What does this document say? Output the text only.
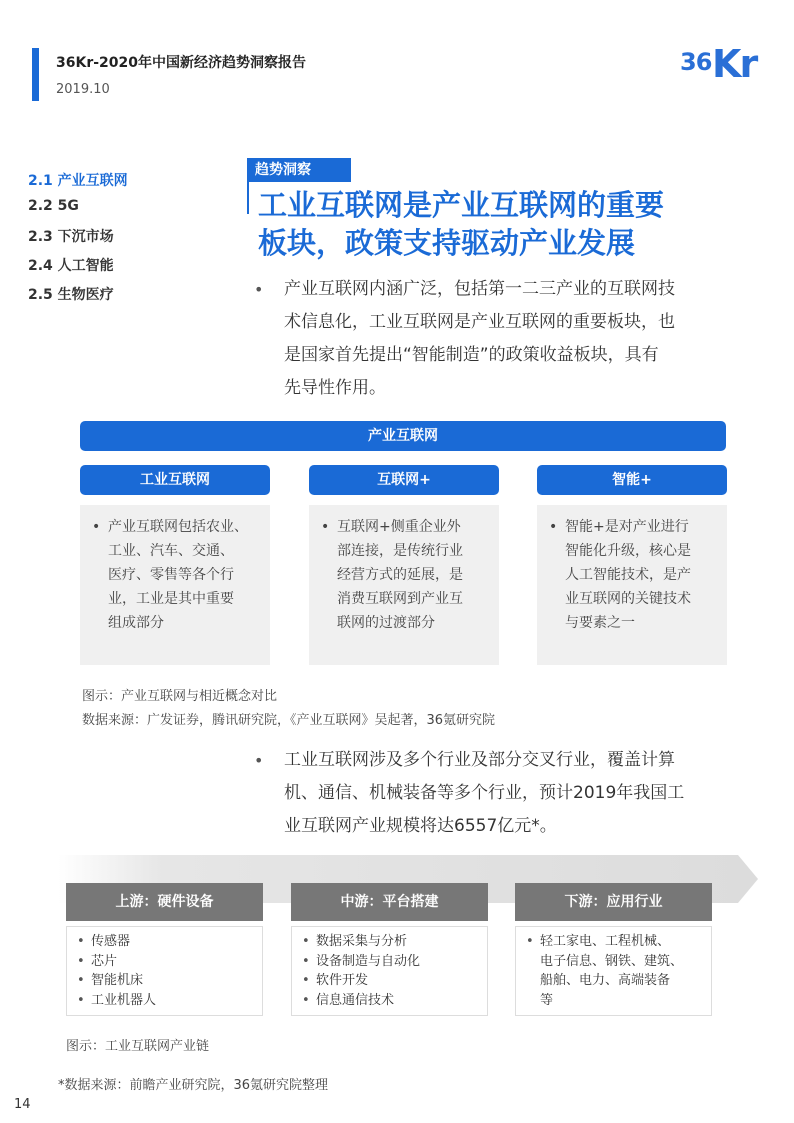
36Kr-2020年中国新经济趋势洞察报告
2019.10
36 Kr
2.1 产业互联网
2.2 5G
2.3 下沉市场
2.4 人工智能
2.5 生物医疗
趋势洞察
工业互联网是产业互联网的重要
板块，政策支持驱动产业发展
• 产业互联网内涵广泛，包括第一二三产业的互联网技
术信息化，工业互联网是产业互联网的重要板块，也
是国家首先提出“智能制造”的政策收益板块，具有
先导性作用。
产业互联网
工业互联网	互联网+	智能+
• 产业互联网包括农业、
工业、汽车、交通、
医疗、零售等各个行
业，工业是其中重要
组成部分
• 互联网+侧重企业外
部连接，是传统行业
经营方式的延展，是
消费互联网到产业互
联网的过渡部分
• 智能+是对产业进行
智能化升级，核心是
人工智能技术，是产
业互联网的关键技术
与要素之一
图示：产业互联网与相近概念对比
数据来源：广发证券，腾讯研究院，《产业互联网》吴起著，36氪研究院
• 工业互联网涉及多个行业及部分交叉行业，覆盖计算
机、通信、机械装备等多个行业，预计2019年我国工
业互联网产业规模将达6557亿元*。
上游：硬件设备	中游：平台搭建	下游：应用行业
• 传感器
• 芯片
• 智能机床
• 工业机器人
• 数据采集与分析
• 设备制造与自动化
• 软件开发
• 信息通信技术
• 轻工家电、工程机械、
电子信息、钢铁、建筑、
船舶、电力、高端装备
等
图示：工业互联网产业链
*数据来源：前瞻产业研究院，36氪研究院整理
14
